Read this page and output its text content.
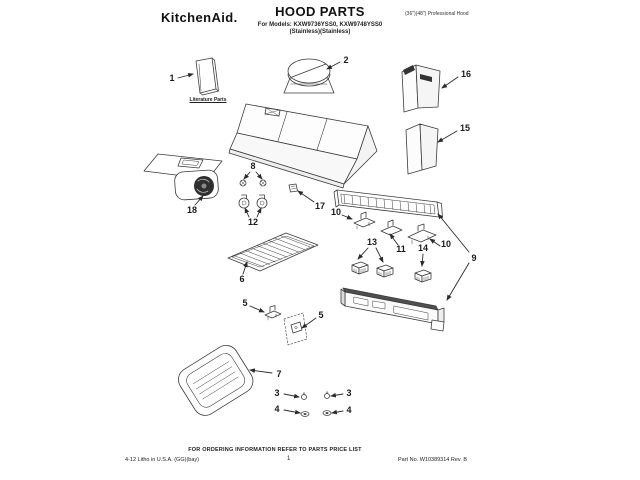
KitchenAid.	HOOD PARTS
For Models: KXW9736YSS0, KXW9748YSS0
(Stainless)(Stainless)
(36")(48") Professional Hood
1
2
3	3
4	4
5
5
6
7
8
9
10
10
11
12
13
14
15
16
17
18
Literature Parts
FOR ORDERING INFORMATION REFER TO PARTS PRICE LIST
4-12 Litho in U.S.A. (GG)(bay)	1	Part No. W10389314 Rev. B
